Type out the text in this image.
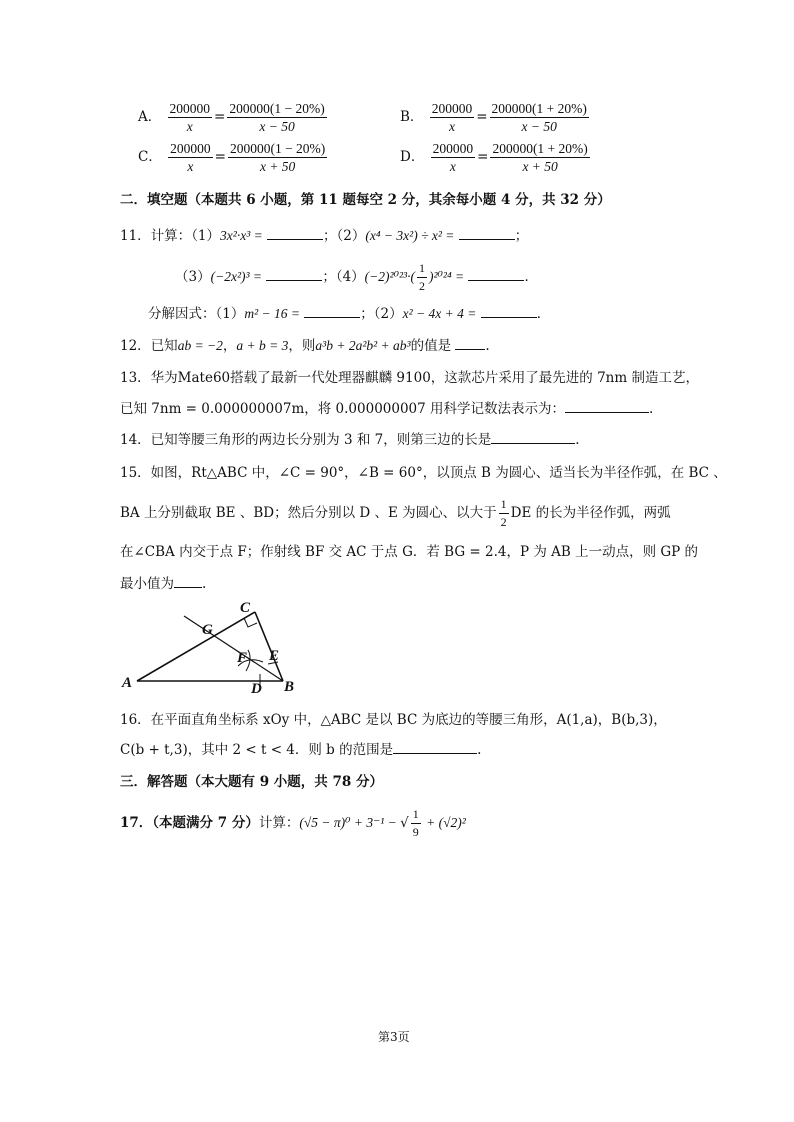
A． $\frac{200000}{x} = \frac{200000(1 - 20\%)}{x - 50}$	B． $\frac{200000}{x} = \frac{200000(1 + 20\%)}{x - 50}$
C． $\frac{200000}{x} = \frac{200000(1 - 20\%)}{x + 50}$	D． $\frac{200000}{x} = \frac{200000(1 + 20\%)}{x + 50}$
二．填空题（本题共 6 小题，第 11 题每空 2 分，其余每小题 4 分，共 32 分）
11．计算：（1）3x²·x³ =	；（2）(x⁴ − 3x²) ÷ x² =	；
（3）(−2x²)³ =	；$(4)(-2)^{2023}\cdot( \frac{1}{2} )^{2024}$ =	．
分解因式：（1）m² − 16 =	；（2）x² − 4x + 4 =	．
12．已知ab = −2，a + b = 3，则a³b + 2a²b² + ab³的值是	.
13．华为Mate60搭载了最新一代处理器麒麟 9100，这款芯片采用了最先进的 7nm 制造工艺，
已知 7nm = 0.000000007m，将 0.000000007 用科学记数法表示为：	.
14．已知等腰三角形的两边长分别为 3 和 7，则第三边的长是	.
15．如图，Rt△ABC 中，∠C = 90°，∠B = 60°，以顶点 B 为圆心、适当长为半径作弧，在 BC 、
BA 上分别截取 BE 、BD；然后分别以 D 、E 为圆心、以大于 $\frac{1}{2}$ DE 的长为半径作弧，两弧
在∠CBA 内交于点 F；作射线 BF 交 AC 于点 G．若 BG = 2.4，P 为 AB 上一动点，则 GP 的
最小值为 .
A	B
C
D
E
F
G
16．在平面直角坐标系 xOy 中，△ABC 是以 BC 为底边的等腰三角形，A(1,a)，B(b,3)，
C(b + t,3)，其中 2 < t < 4．则 b 的范围是	.
三．解答题（本大题有 9 小题，共 78 分）
17．（本题满分 7 分）计算：(√5 − π)⁰ + 3⁻¹ − √ $\frac{1}{9} + (√2)^2$
第3页
